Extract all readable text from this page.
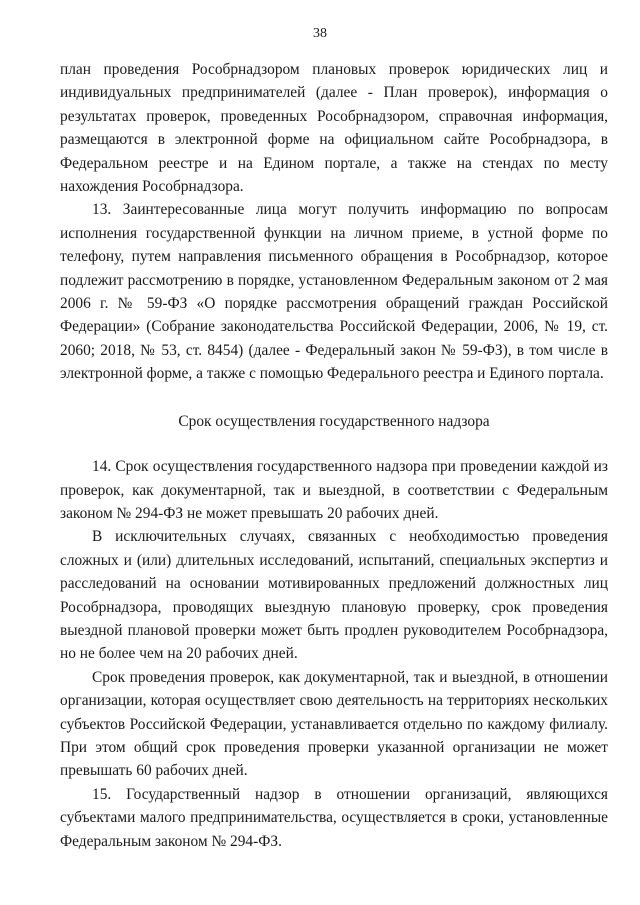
38

план проведения Рособрнадзором плановых проверок юридических лиц и индивидуальных предпринимателей (далее - План проверок), информация о результатах проверок, проведенных Рособрнадзором, справочная информация, размещаются в электронной форме на официальном сайте Рособрнадзора, в Федеральном реестре и на Едином портале, а также на стендах по месту нахождения Рособрнадзора.

13. Заинтересованные лица могут получить информацию по вопросам исполнения государственной функции на личном приеме, в устной форме по телефону, путем направления письменного обращения в Рособрнадзор, которое подлежит рассмотрению в порядке, установленном Федеральным законом от 2 мая 2006 г. № 59-ФЗ «О порядке рассмотрения обращений граждан Российской Федерации» (Собрание законодательства Российской Федерации, 2006, № 19, ст. 2060; 2018, № 53, ст. 8454) (далее - Федеральный закон № 59-ФЗ), в том числе в электронной форме, а также с помощью Федерального реестра и Единого портала.

Срок осуществления государственного надзора

14. Срок осуществления государственного надзора при проведении каждой из проверок, как документарной, так и выездной, в соответствии с Федеральным законом № 294-ФЗ не может превышать 20 рабочих дней.

В исключительных случаях, связанных с необходимостью проведения сложных и (или) длительных исследований, испытаний, специальных экспертиз и расследований на основании мотивированных предложений должностных лиц Рособрнадзора, проводящих выездную плановую проверку, срок проведения выездной плановой проверки может быть продлен руководителем Рособрнадзора, но не более чем на 20 рабочих дней.

Срок проведения проверок, как документарной, так и выездной, в отношении организации, которая осуществляет свою деятельность на территориях нескольких субъектов Российской Федерации, устанавливается отдельно по каждому филиалу. При этом общий срок проведения проверки указанной организации не может превышать 60 рабочих дней.

15. Государственный надзор в отношении организаций, являющихся субъектами малого предпринимательства, осуществляется в сроки, установленные Федеральным законом № 294-ФЗ.
